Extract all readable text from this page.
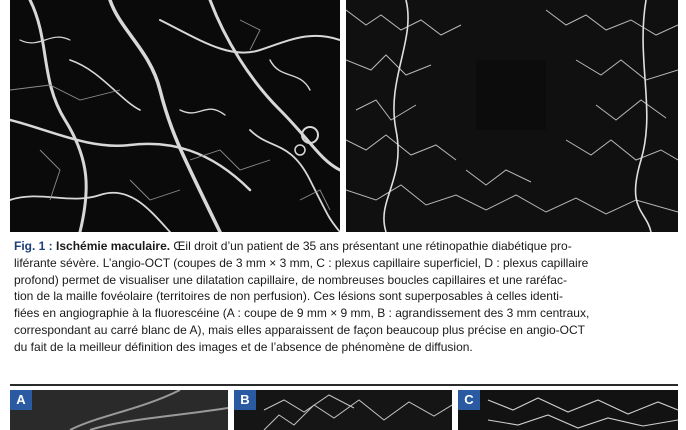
Fig. 1 : Ischémie maculaire. Œil droit d’un patient de 35 ans présentant une rétinopathie diabétique pro-
liférante sévère. L’angio-OCT (coupes de 3 mm × 3 mm, C : plexus capillaire superficiel, D : plexus capillaire
profond) permet de visualiser une dilatation capillaire, de nombreuses boucles capillaires et une raréfac-
tion de la maille fovéolaire (territoires de non perfusion). Ces lésions sont superposables à celles identi-
fiées en angiographie à la fluorescéine (A : coupe de 9 mm × 9 mm, B : agrandissement des 3 mm centraux,
correspondant au carré blanc de A), mais elles apparaissent de façon beaucoup plus précise en angio-OCT
du fait de la meilleur définition des images et de l’absence de phénomène de diffusion.

A	B	C
